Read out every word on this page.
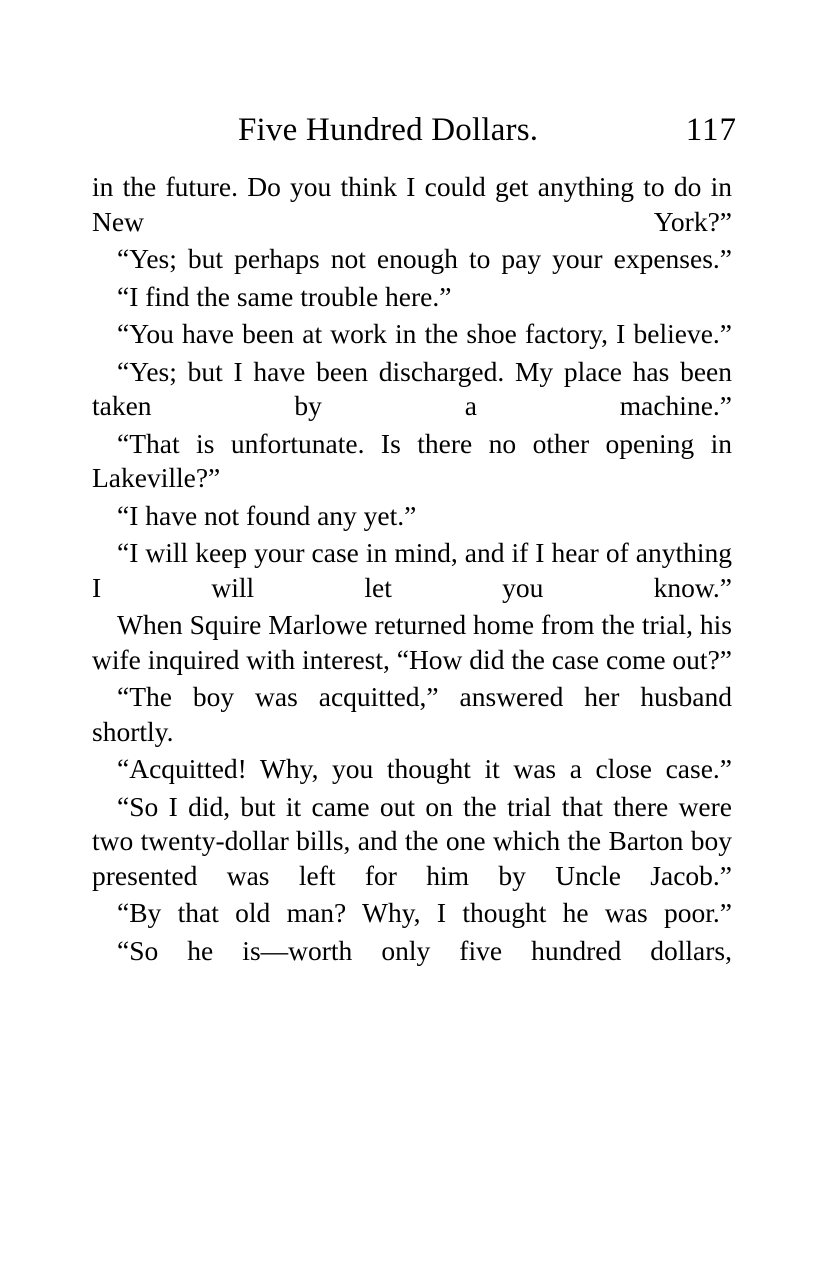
Five Hundred Dollars.	117

in the future. Do you think I could get anything to do in New York?”

“Yes; but perhaps not enough to pay your expenses.”

“I find the same trouble here.”

“You have been at work in the shoe factory, I believe.”

“Yes; but I have been discharged. My place has been taken by a machine.”

“That is unfortunate. Is there no other opening in Lakeville?”

“I have not found any yet.”

“I will keep your case in mind, and if I hear of anything I will let you know.”

When Squire Marlowe returned home from the trial, his wife inquired with interest, “How did the case come out?”

“The boy was acquitted,” answered her husband shortly.

“Acquitted! Why, you thought it was a close case.”

“So I did, but it came out on the trial that there were two twenty-dollar bills, and the one which the Barton boy presented was left for him by Uncle Jacob.”

“By that old man? Why, I thought he was poor.”

“So he is—worth only five hundred dollars,
